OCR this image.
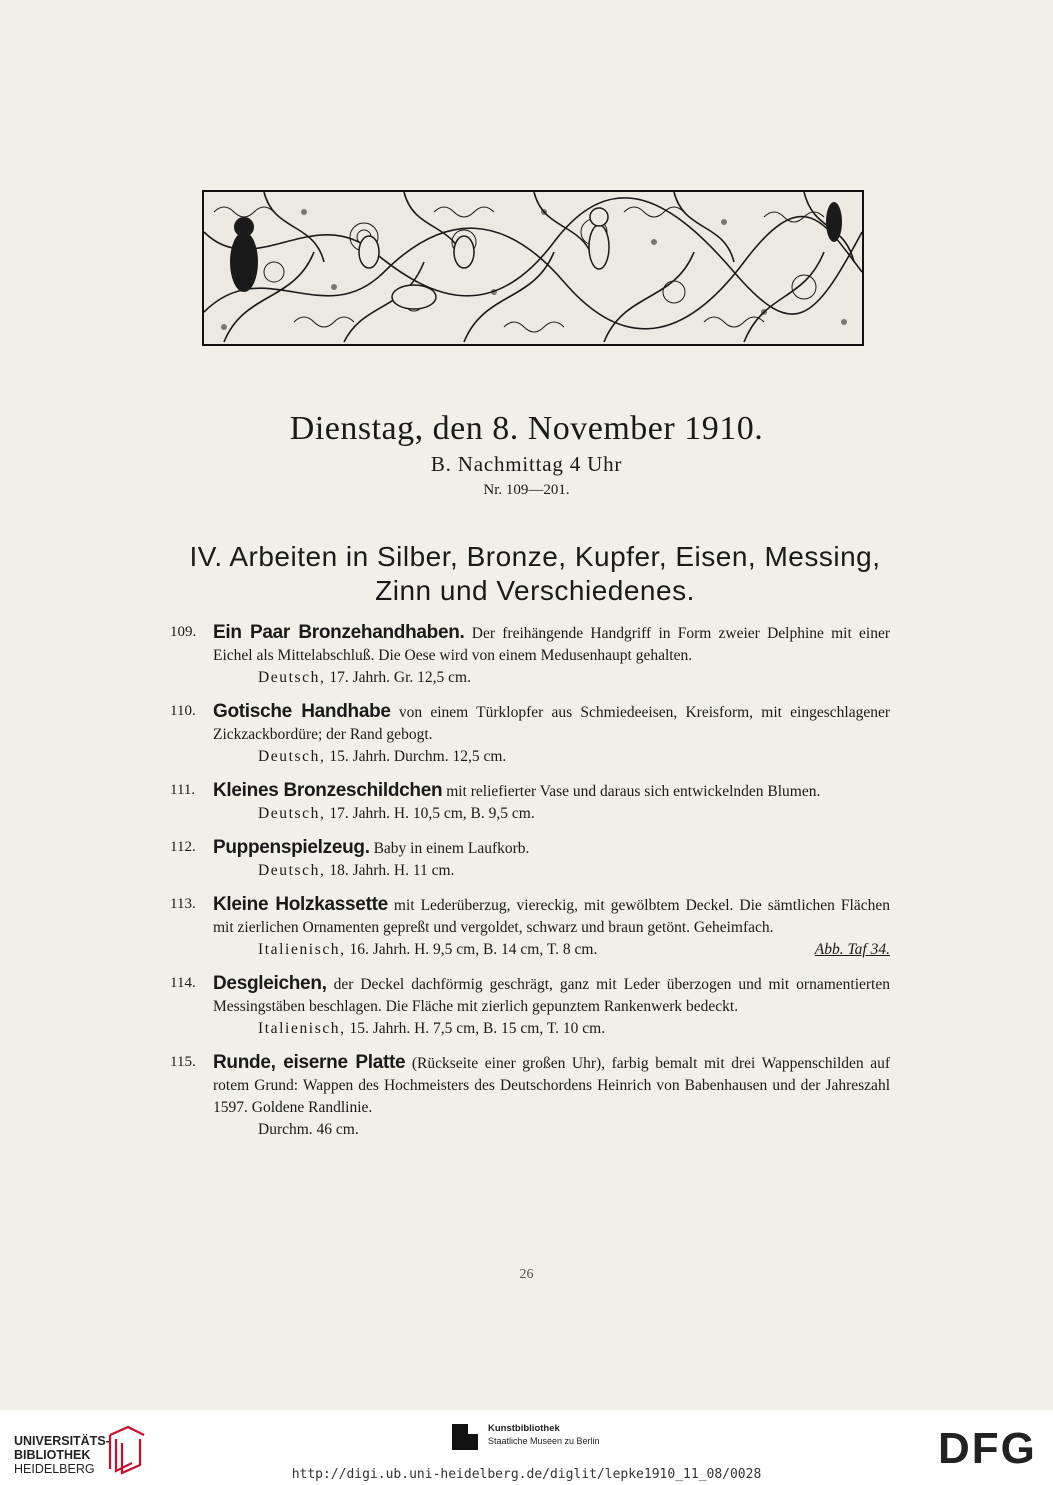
Dienstag, den 8. November 1910.
B. Nachmittag 4 Uhr
Nr. 109—201.
IV. Arbeiten in Silber, Bronze, Kupfer, Eisen, Messing,
Zinn und Verschiedenes.
109. Ein Paar Bronzehandhaben. Der freihängende Handgriff in Form zweier Delphine mit einer Eichel als Mittelabschluß. Die Oese wird von einem Medusenhaupt gehalten.
Deutsch, 17. Jahrh. Gr. 12,5 cm.
110. Gotische Handhabe von einem Türklopfer aus Schmiedeeisen, Kreisform, mit eingeschlagener Zickzackbordüre; der Rand gebogt.
Deutsch, 15. Jahrh. Durchm. 12,5 cm.
111. Kleines Bronzeschildchen mit reliefierter Vase und daraus sich entwickelnden Blumen.
Deutsch, 17. Jahrh. H. 10,5 cm, B. 9,5 cm.
112. Puppenspielzeug. Baby in einem Laufkorb.
Deutsch, 18. Jahrh. H. 11 cm.
113. Kleine Holzkassette mit Lederüberzug, viereckig, mit gewölbtem Deckel. Die sämtlichen Flächen mit zierlichen Ornamenten gepreßt und vergoldet, schwarz und braun getönt. Geheimfach.
Italienisch, 16. Jahrh. H. 9,5 cm, B. 14 cm, T. 8 cm.	Abb. Taf 34.
114. Desgleichen, der Deckel dachförmig geschrägt, ganz mit Leder überzogen und mit ornamentierten Messingstäben beschlagen. Die Fläche mit zierlich gepunztem Rankenwerk bedeckt.
Italienisch, 15. Jahrh. H. 7,5 cm, B. 15 cm, T. 10 cm.
115. Runde, eiserne Platte (Rückseite einer großen Uhr), farbig bemalt mit drei Wappenschilden auf rotem Grund: Wappen des Hochmeisters des Deutschordens Heinrich von Babenhausen und der Jahreszahl 1597. Goldene Randlinie.
Durchm. 46 cm.
26
UNIVERSITÄTS-
BIBLIOTHEK
HEIDELBERG
Kunstbibliothek
Staatliche Museen zu Berlin	DFG
http://digi.ub.uni-heidelberg.de/diglit/lepke1910_11_08/0028
